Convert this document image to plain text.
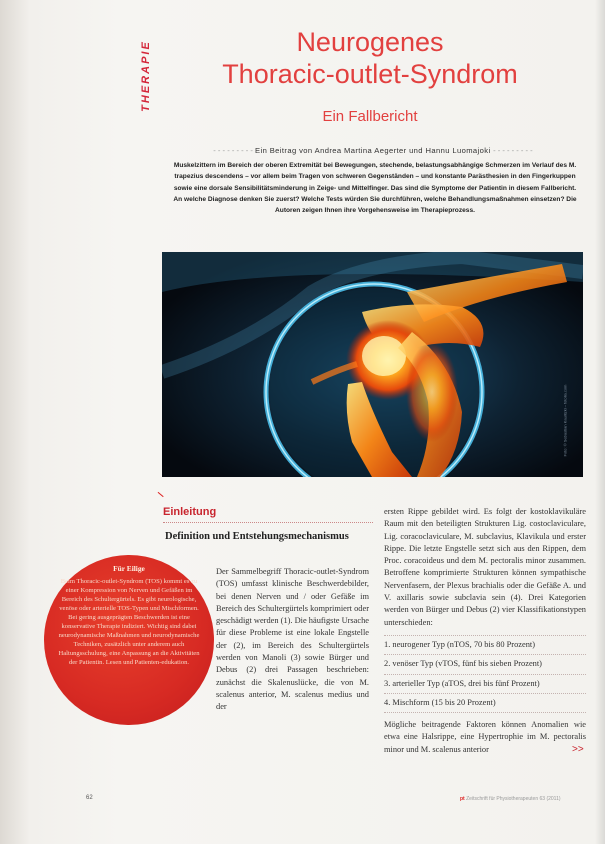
THERAPIE	Neurogenes
Thoracic-outlet-Syndrom
Ein Fallbericht
- - - - - - - - - Ein Beitrag von Andrea Martina Aegerter und Hannu Luomajoki - - - - - - - - -
Muskelzittern im Bereich der oberen Extremität bei Bewegungen, stechende, belastungsabhängige Schmerzen im Verlauf des M. trapezius descendens – vor allem beim Tragen von schweren Gegenständen – und konstante Parästhesien in den Fingerkuppen sowie eine dorsale Sensibilitätsminderung in Zeige- und Mittelfinger. Das sind die Symptome der Patientin in diesem Fallbericht. An welche Diagnose denken Sie zuerst? Welche Tests würden Sie durchführen, welche Behandlungsmaßnahmen einsetzen? Die Autoren zeigen Ihnen ihre Vorgehensweise im Therapieprozess.
Foto: © Sebastian Kaulitzki – fotolia.com
Einleitung
Definition und Entstehungsmechanismus
Für Eilige
Beim Thoracic-outlet-Syndrom (TOS) kommt es zu einer Kompression von Nerven und Gefäßen im Bereich des Schultergürtels. Es gibt neurologische, venöse oder arterielle TOS-Typen und Mischformen. Bei gering ausgeprägten Beschwerden ist eine konservative Therapie indiziert. Wichtig sind dabei neurodynamische Maßnahmen und neurodynamische Techniken, zusätzlich unter anderem auch Haltungsschulung, eine Anpassung an die Aktivitäten der Patientin. Lesen und Patienten-edukation.
Der Sammelbegriff Thoracic-outlet-Syndrom (TOS) umfasst klinische Beschwerdebilder, bei denen Nerven und / oder Gefäße im Bereich des Schultergürtels komprimiert oder geschädigt werden (1). Die häufigste Ursache für diese Probleme ist eine lokale Engstelle der (2), im Bereich des Schultergürtels werden von Manoli (3) sowie Bürger und Debus (2) drei Passagen beschrieben: zunächst die Skalenuslücke, die von M. scalenus anterior, M. scalenus medius und der
ersten Rippe gebildet wird. Es folgt der kostoklavikuläre Raum mit den beteiligten Strukturen Lig. costoclaviculare, Lig. coracoclaviculare, M. subclavius, Klavikula und erster Rippe. Die letzte Engstelle setzt sich aus den Rippen, dem Proc. coracoideus und dem M. pectoralis minor zusammen. Betroffene komprimierte Strukturen können sympathische Nervenfasern, der Plexus brachialis oder die Gefäße A. und V. axillaris sowie subclavia sein (4). Drei Kategorien werden von Bürger und Debus (2) vier Klassifikationstypen unterschieden:
1. neurogener Typ (nTOS, 70 bis 80 Prozent)
2. venöser Typ (vTOS, fünf bis sieben Prozent)
3. arterieller Typ (aTOS, drei bis fünf Prozent)
4. Mischform (15 bis 20 Prozent)
Mögliche beitragende Faktoren können Anomalien wie etwa eine Halsrippe, eine Hypertrophie im M. pectoralis minor und M. scalenus anterior	>>
62	pt Zeitschrift für Physiotherapeuten 63 (2011)
